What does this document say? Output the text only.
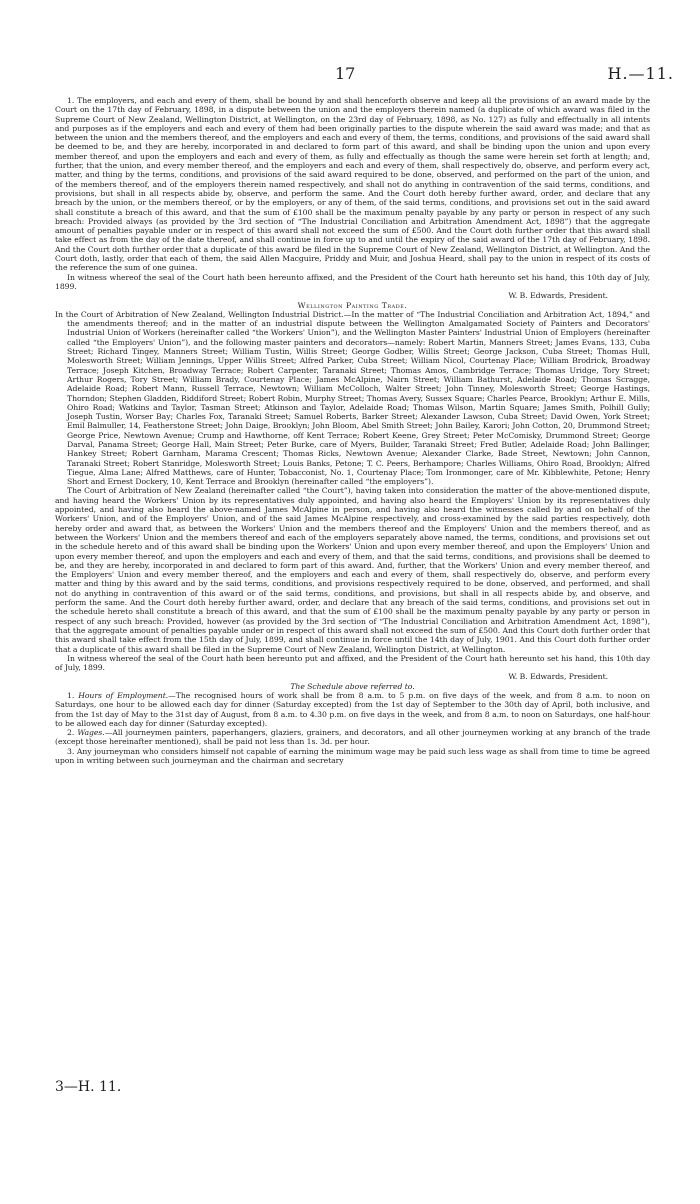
17	H.—11.

1. The employers, and each and every of them, shall be bound by and shall henceforth observe and keep all the provisions of an award made by the Court on the 17th day of February, 1898, in a dispute between the union and the employers therein named (a duplicate of which award was filed in the Supreme Court of New Zealand, Wellington District, at Wellington, on the 23rd day of February, 1898, as No. 127) as fully and effectually in all intents and purposes as if the employers and each and every of them had been originally parties to the dispute wherein the said award was made; and that as between the union and the members thereof, and the employers and each and every of them, the terms, conditions, and provisions of the said award shall be deemed to be, and they are hereby, incorporated in and declared to form part of this award, and shall be binding upon the union and upon every member thereof, and upon the employers and each and every of them, as fully and effectually as though the same were herein set forth at length; and, further, that the union, and every member thereof, and the employers and each and every of them, shall respectively do, observe, and perform every act, matter, and thing by the terms, conditions, and provisions of the said award required to be done, observed, and performed on the part of the union, and of the members thereof, and of the employers therein named respectively, and shall not do anything in contravention of the said terms, conditions, and provisions, but shall in all respects abide by, observe, and perform the same. And the Court doth hereby further award, order, and declare that any breach by the union, or the members thereof, or by the employers, or any of them, of the said terms, conditions, and provisions set out in the said award shall constitute a breach of this award, and that the sum of £100 shall be the maximum penalty payable by any party or person in respect of any such breach: Provided always (as provided by the 3rd section of “The Industrial Conciliation and Arbitration Amendment Act, 1898”) that the aggregate amount of penalties payable under or in respect of this award shall not exceed the sum of £500. And the Court doth further order that this award shall take effect as from the day of the date thereof, and shall continue in force up to and until the expiry of the said award of the 17th day of February, 1898. And the Court doth further order that a duplicate of this award be filed in the Supreme Court of New Zealand, Wellington District, at Wellington. And the Court doth, lastly, order that each of them, the said Allen Macguire, Priddy and Muir, and Joshua Heard, shall pay to the union in respect of its costs of the reference the sum of one guinea.

In witness whereof the seal of the Court hath been hereunto affixed, and the President of the Court hath hereunto set his hand, this 10th day of July, 1899.

W. B. Edwards, President.

Wellington Painting Trade.

In the Court of Arbitration of New Zealand, Wellington Industrial District.—In the matter of “The Industrial Conciliation and Arbitration Act, 1894,” and the amendments thereof; and in the matter of an industrial dispute between the Wellington Amalgamated Society of Painters and Decorators' Industrial Union of Workers (hereinafter called “the Workers' Union”), and the Wellington Master Painters' Industrial Union of Employers (hereinafter called “the Employers' Union”), and the following master painters and decorators—namely: Robert Martin, Manners Street; James Evans, 133, Cuba Street; Richard Tingey, Manners Street; William Tustin, Willis Street; George Godber, Willis Street; George Jackson, Cuba Street; Thomas Hull, Molesworth Street; William Jennings, Upper Willis Street; Alfred Parker, Cuba Street; William Nicol, Courtenay Place; William Brodrick, Broadway Terrace; Joseph Kitchen, Broadway Terrace; Robert Carpenter, Taranaki Street; Thomas Amos, Cambridge Terrace; Thomas Uridge, Tory Street; Arthur Rogers, Tory Street; William Brady, Courtenay Place; James McAlpine, Nairn Street; William Bathurst, Adelaide Road; Thomas Scragge, Adelaide Road; Robert Mann, Russell Terrace, Newtown; William McColloch, Walter Street; John Tinney, Molesworth Street; George Hastings, Thorndon; Stephen Gladden, Riddiford Street; Robert Robin, Murphy Street; Thomas Avery, Sussex Square; Charles Pearce, Brooklyn; Arthur E. Mills, Ohiro Road; Watkins and Taylor, Tasman Street; Atkinson and Taylor, Adelaide Road; Thomas Wilson, Martin Square; James Smith, Polhill Gully; Joseph Tustin, Worser Bay; Charles Fox, Taranaki Street; Samuel Roberts, Barker Street; Alexander Lawson, Cuba Street; David Owen, York Street; Emil Balmuller, 14, Featherstone Street; John Daige, Brooklyn; John Bloom, Abel Smith Street; John Bailey, Karori; John Cotton, 20, Drummond Street; George Price, Newtown Avenue; Crump and Hawthorne, off Kent Terrace; Robert Keene, Grey Street; Peter McComisky, Drummond Street; George Darval, Panama Street; George Hall, Main Street; Peter Burke, care of Myers, Builder, Taranaki Street; Fred Butler, Adelaide Road; John Ballinger, Hankey Street; Robert Garnham, Marama Crescent; Thomas Ricks, Newtown Avenue; Alexander Clarke, Bade Street, Newtown; John Cannon, Taranaki Street; Robert Stanridge, Molesworth Street; Louis Banks, Petone; T. C. Peers, Berhampore; Charles Williams, Ohiro Road, Brooklyn; Alfred Tiegue, Alma Lane; Alfred Matthews, care of Hunter, Tobacconist, No. 1, Courtenay Place; Tom Ironmonger, care of Mr. Kibblewhite, Petone; Henry Short and Ernest Dockery, 10, Kent Terrace and Brooklyn (hereinafter called “the employers”).

The Court of Arbitration of New Zealand (hereinafter called “the Court”), having taken into consideration the matter of the above-mentioned dispute, and having heard the Workers' Union by its representatives duly appointed, and having also heard the Employers' Union by its representatives duly appointed, and having also heard the above-named James McAlpine in person, and having also heard the witnesses called by and on behalf of the Workers' Union, and of the Employers' Union, and of the said James McAlpine respectively, and cross-examined by the said parties respectively, doth hereby order and award that, as between the Workers' Union and the members thereof and the Employers' Union and the members thereof, and as between the Workers' Union and the members thereof and each of the employers separately above named, the terms, conditions, and provisions set out in the schedule hereto and of this award shall be binding upon the Workers' Union and upon every member thereof, and upon the Employers' Union and upon every member thereof, and upon the employers and each and every of them, and that the said terms, conditions, and provisions shall be deemed to be, and they are hereby, incorporated in and declared to form part of this award. And, further, that the Workers' Union and every member thereof, and the Employers' Union and every member thereof, and the employers and each and every of them, shall respectively do, observe, and perform every matter and thing by this award and by the said terms, conditions, and provisions respectively required to be done, observed, and performed, and shall not do anything in contravention of this award or of the said terms, conditions, and provisions, but shall in all respects abide by, and observe, and perform the same. And the Court doth hereby further award, order, and declare that any breach of the said terms, conditions, and provisions set out in the schedule hereto shall constitute a breach of this award, and that the sum of £100 shall be the maximum penalty payable by any party or person in respect of any such breach: Provided, however (as provided by the 3rd section of “The Industrial Conciliation and Arbitration Amendment Act, 1898”), that the aggregate amount of penalties payable under or in respect of this award shall not exceed the sum of £500. And this Court doth further order that this award shall take effect from the 15th day of July, 1899, and shall continue in force until the 14th day of July, 1901. And this Court doth further order that a duplicate of this award shall be filed in the Supreme Court of New Zealand, Wellington District, at Wellington.

In witness whereof the seal of the Court hath been hereunto put and affixed, and the President of the Court hath hereunto set his hand, this 10th day of July, 1899.

W. B. Edwards, President.

The Schedule above referred to.

1. Hours of Employment.—The recognised hours of work shall be from 8 a.m. to 5 p.m. on five days of the week, and from 8 a.m. to noon on Saturdays, one hour to be allowed each day for dinner (Saturday excepted) from the 1st day of September to the 30th day of April, both inclusive, and from the 1st day of May to the 31st day of August, from 8 a.m. to 4.30 p.m. on five days in the week, and from 8 a.m. to noon on Saturdays, one half-hour to be allowed each day for dinner (Saturday excepted).

2. Wages.—All journeymen painters, paperhangers, glaziers, grainers, and decorators, and all other journeymen working at any branch of the trade (except those hereinafter mentioned), shall be paid not less than 1s. 3d. per hour.

3. Any journeyman who considers himself not capable of earning the minimum wage may be paid such less wage as shall from time to time be agreed upon in writing between such journeyman and the chairman and secretary

3—H. 11.
